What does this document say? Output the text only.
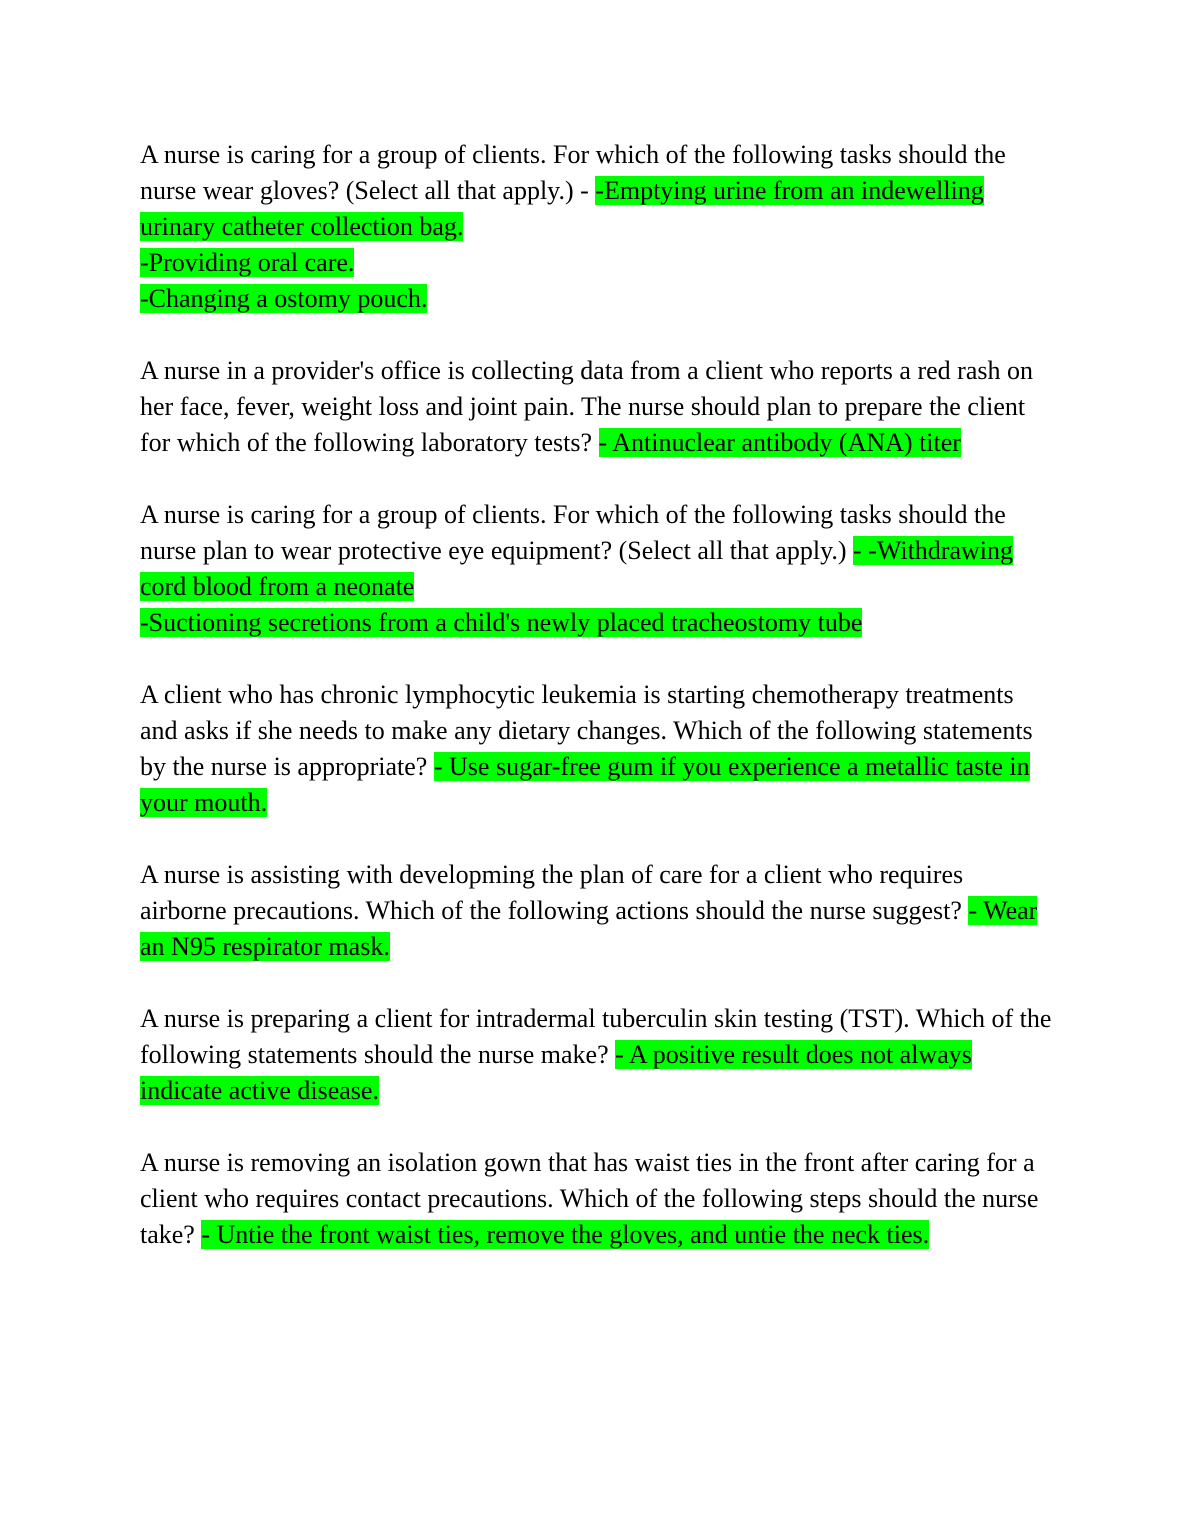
A nurse is caring for a group of clients. For which of the following tasks should the nurse wear gloves? (Select all that apply.) - -Emptying urine from an indewelling urinary catheter collection bag.
-Providing oral care.
-Changing a ostomy pouch.

A nurse in a provider's office is collecting data from a client who reports a red rash on her face, fever, weight loss and joint pain. The nurse should plan to prepare the client for which of the following laboratory tests? - Antinuclear antibody (ANA) titer

A nurse is caring for a group of clients. For which of the following tasks should the nurse plan to wear protective eye equipment? (Select all that apply.) - -Withdrawing cord blood from a neonate
-Suctioning secretions from a child's newly placed tracheostomy tube

A client who has chronic lymphocytic leukemia is starting chemotherapy treatments and asks if she needs to make any dietary changes. Which of the following statements by the nurse is appropriate? - Use sugar-free gum if you experience a metallic taste in your mouth.

A nurse is assisting with developming the plan of care for a client who requires airborne precautions. Which of the following actions should the nurse suggest? - Wear an N95 respirator mask.

A nurse is preparing a client for intradermal tuberculin skin testing (TST). Which of the following statements should the nurse make? - A positive result does not always indicate active disease.

A nurse is removing an isolation gown that has waist ties in the front after caring for a client who requires contact precautions. Which of the following steps should the nurse take? - Untie the front waist ties, remove the gloves, and untie the neck ties.
